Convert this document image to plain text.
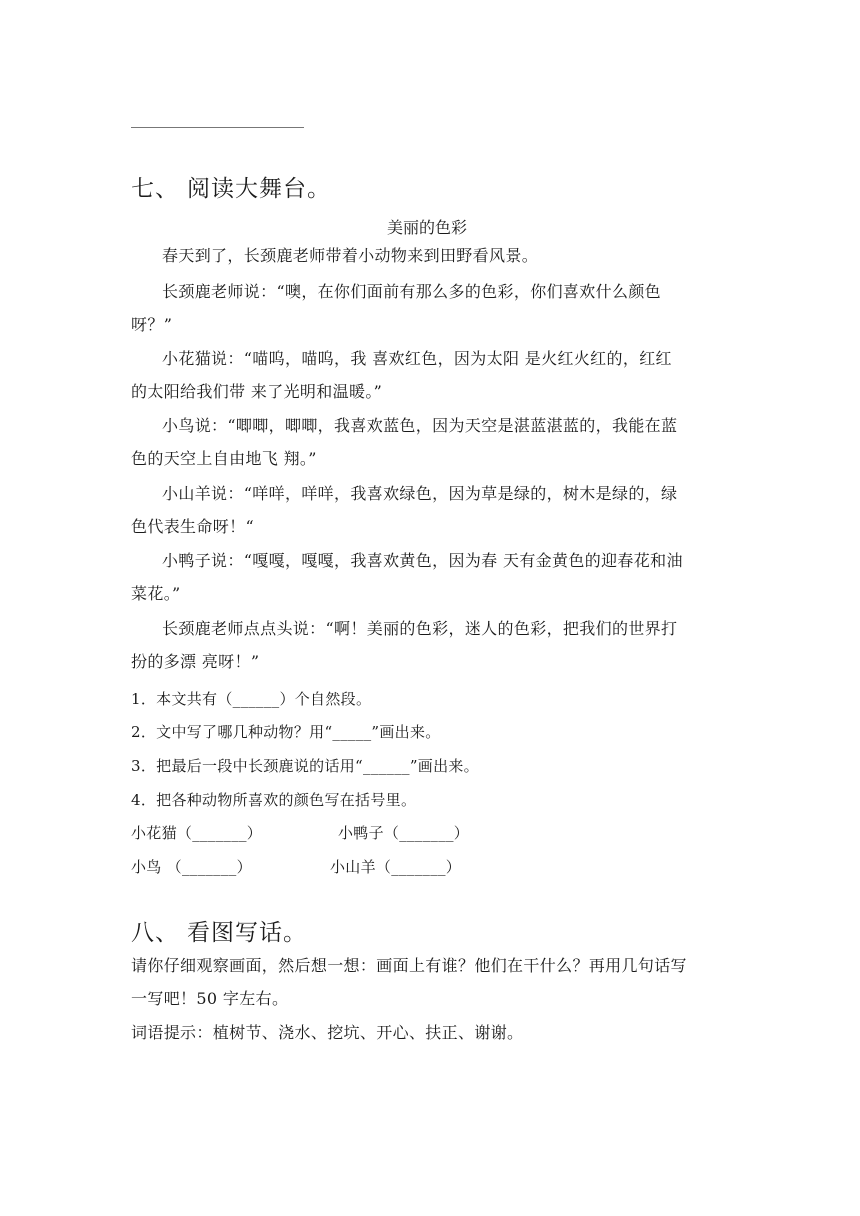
七、 阅读大舞台。
美丽的色彩
春天到了，长颈鹿老师带着小动物来到田野看风景。
长颈鹿老师说：“噢，在你们面前有那么多的色彩，你们喜欢什么颜色
呀？”
小花猫说：“喵呜，喵呜，我 喜欢红色，因为太阳 是火红火红的，红红
的太阳给我们带 来了光明和温暖。”
小鸟说：“唧唧，唧唧，我喜欢蓝色，因为天空是湛蓝湛蓝的，我能在蓝
色的天空上自由地飞 翔。”
小山羊说：“咩咩，咩咩，我喜欢绿色，因为草是绿的，树木是绿的，绿
色代表生命呀！“
小鸭子说：“嘎嘎，嘎嘎，我喜欢黄色，因为春 天有金黄色的迎春花和油
菜花。”
长颈鹿老师点点头说：“啊！美丽的色彩，迷人的色彩，把我们的世界打
扮的多漂 亮呀！”
1．本文共有（______）个自然段。
2．文中写了哪几种动物？用“_____”画出来。
3．把最后一段中长颈鹿说的话用“______”画出来。
4．把各种动物所喜欢的颜色写在括号里。
小花猫（_______）	小鸭子（_______）
小鸟 （_______）	小山羊（_______）
八、 看图写话。
请你仔细观察画面，然后想一想：画面上有谁？他们在干什么？再用几句话写
一写吧！50 字左右。
词语提示：植树节、浇水、挖坑、开心、扶正、谢谢。
